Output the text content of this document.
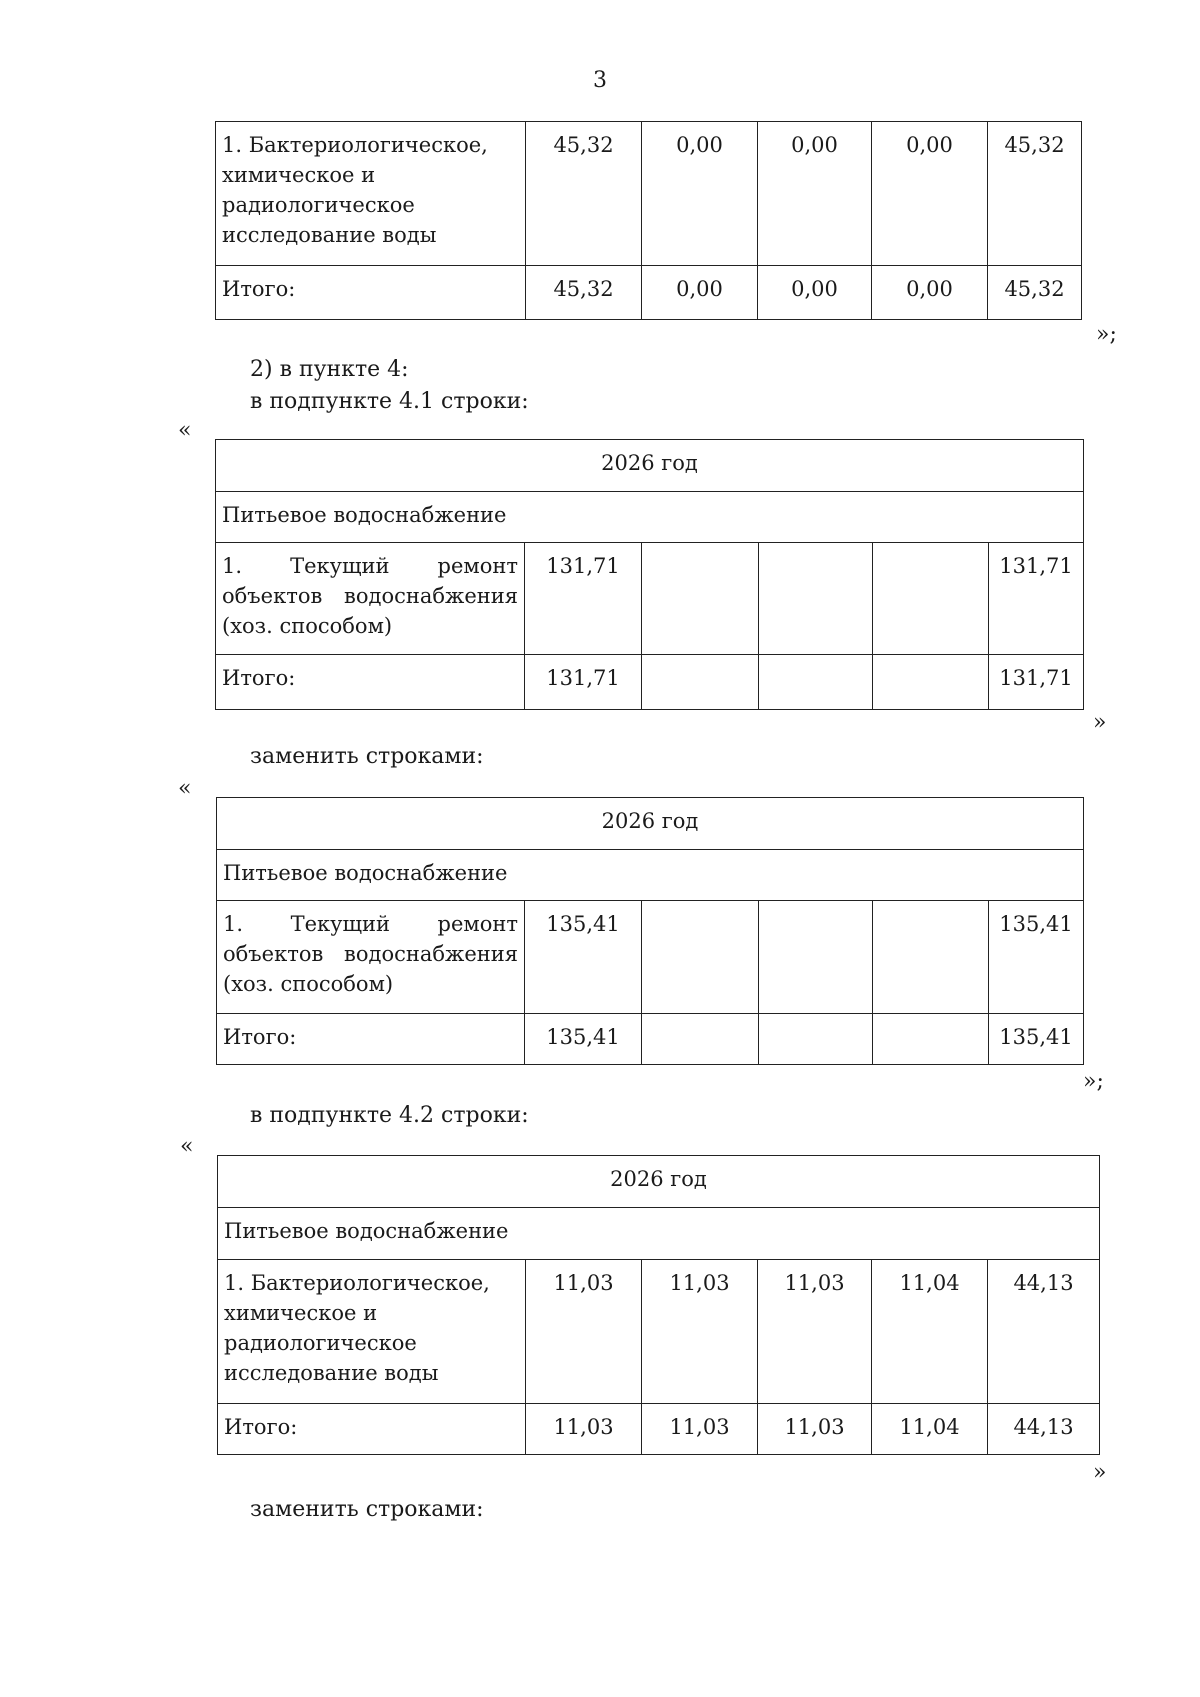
3
1. Бактериологическое, химическое и радиологическое исследование воды	45,32	0,00	0,00	0,00	45,32
Итого:	45,32	0,00	0,00	0,00	45,32
»;
2) в пункте 4:
в подпункте 4.1 строки:
«
2026 год					
Питьевое водоснабжение					

1. Текущий ремонт
объектов водоснабжения
(хоз. способом)	131,71				131,71
Итого:	131,71				131,71
»
заменить строками:
«
2026 год					
Питьевое водоснабжение					

1. Текущий ремонт
объектов водоснабжения
(хоз. способом)	135,41				135,41
Итого:	135,41				135,41
»;
в подпункте 4.2 строки:
«
2026 год					
Питьевое водоснабжение					
1. Бактериологическое, химическое и радиологическое исследование воды	11,03	11,03	11,03	11,04	44,13
Итого:	11,03	11,03	11,03	11,04	44,13
»
заменить строками:
